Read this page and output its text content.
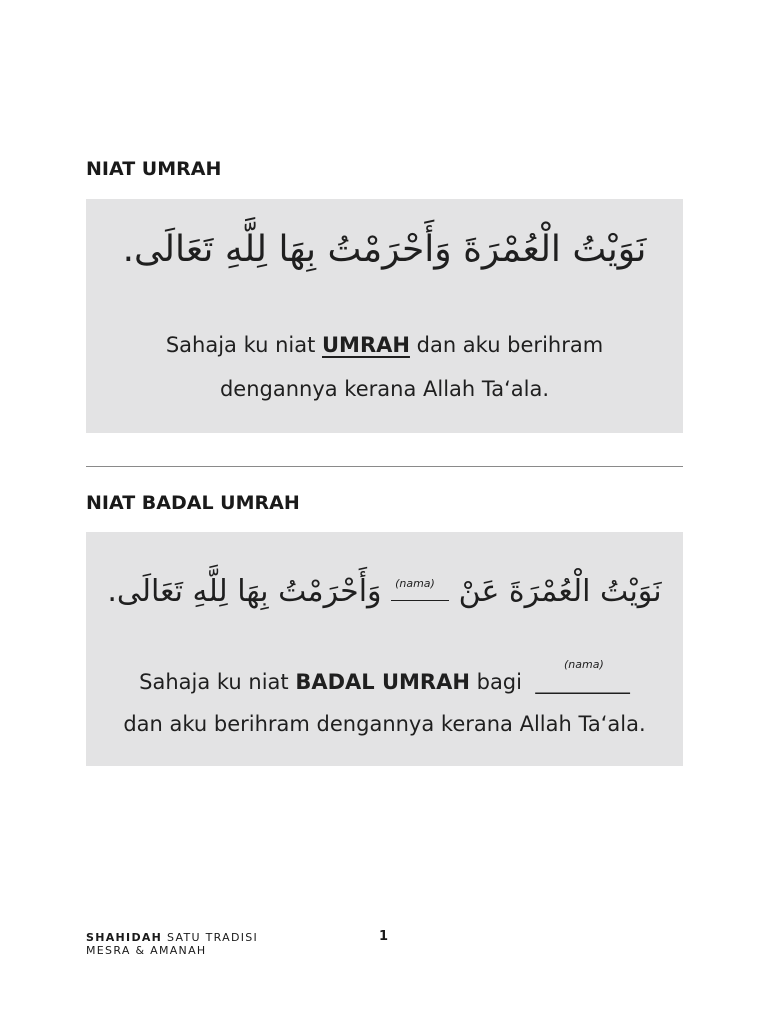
NIAT UMRAH
نَوَيْتُ الْعُمْرَةَ وَأَحْرَمْتُ بِهَا لِلَّهِ تَعَالَى.
Sahaja ku niat UMRAH dan aku berihram
dengannya kerana Allah Ta‘ala.
NIAT BADAL UMRAH
نَوَيْتُ الْعُمْرَةَ عَنْ
(nama)
وَأَحْرَمْتُ بِهَا لِلَّهِ تَعَالَى.
(nama)
Sahaja ku niat BADAL UMRAH bagi  _________
dan aku berihram dengannya kerana Allah Ta‘ala.
SHAHIDAH SATU TRADISI
MESRA & AMANAH
1
